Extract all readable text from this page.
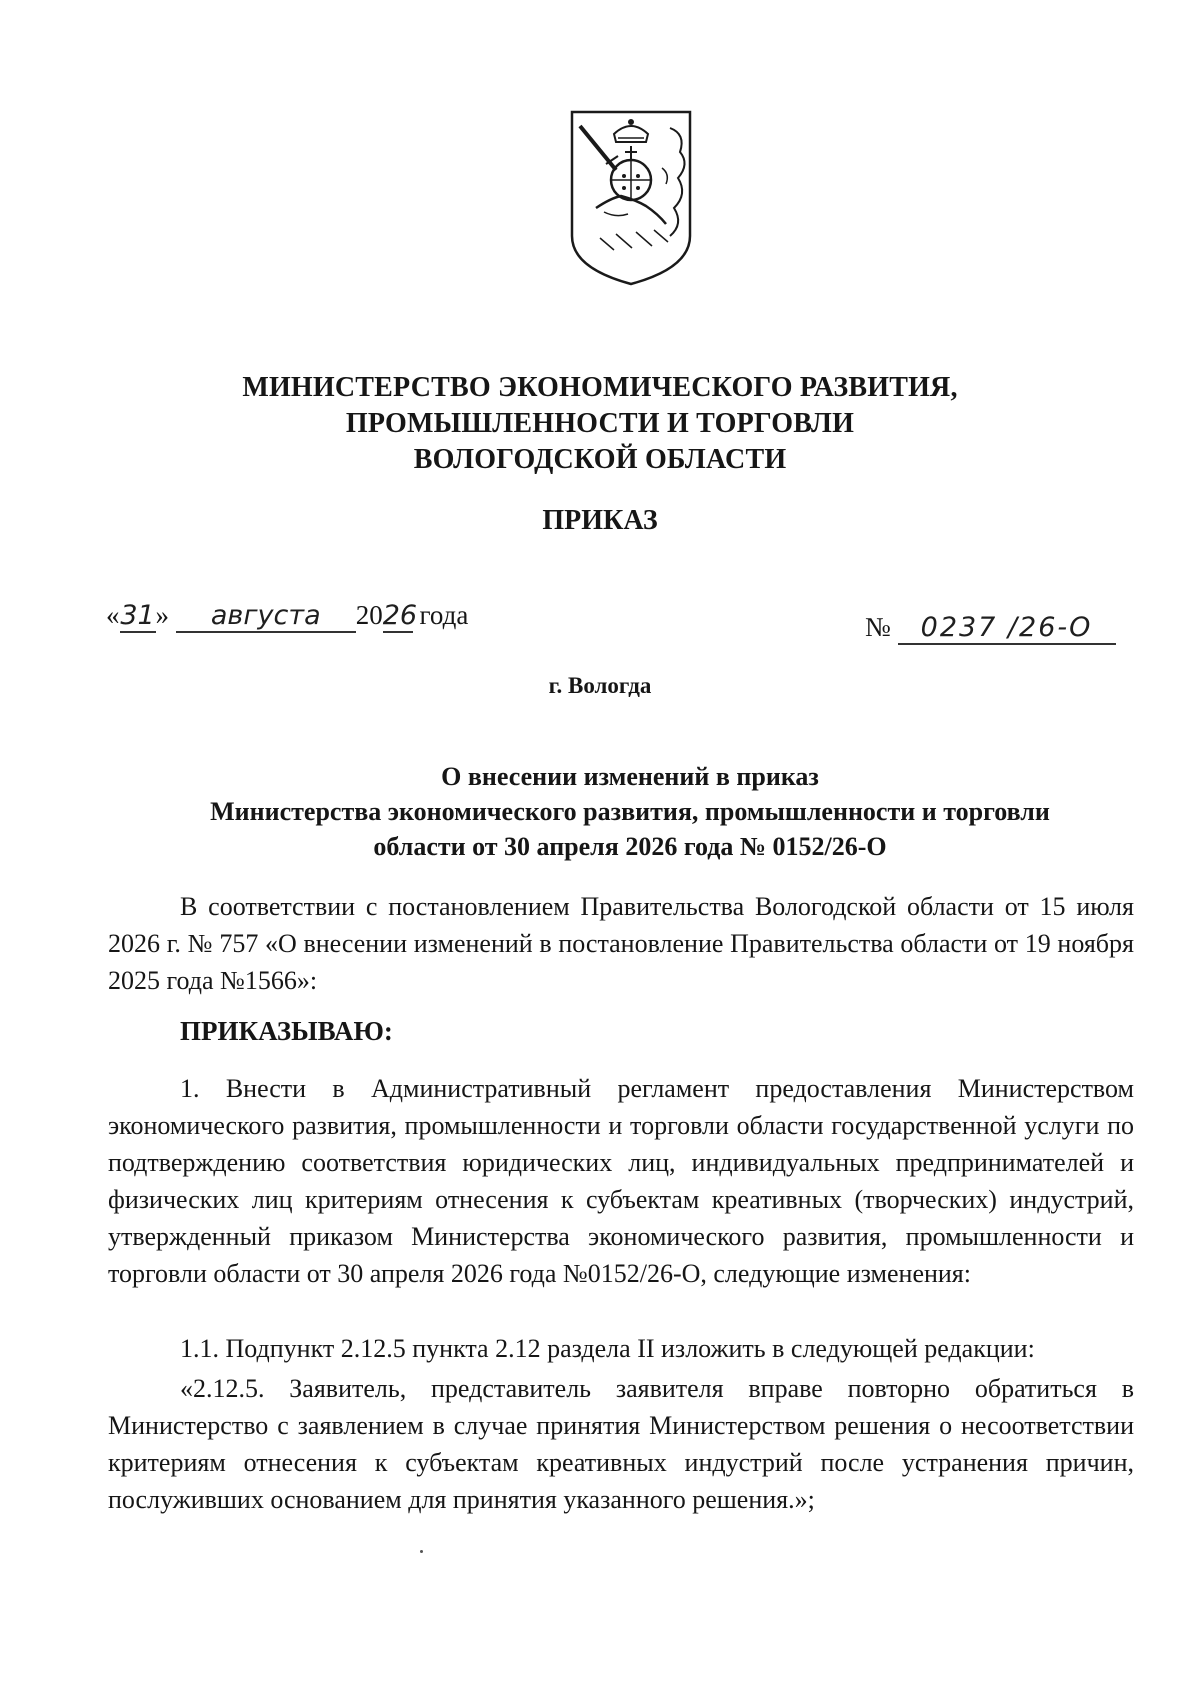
МИНИСТЕРСТВО ЭКОНОМИЧЕСКОГО РАЗВИТИЯ,
ПРОМЫШЛЕННОСТИ И ТОРГОВЛИ
ВОЛОГОДСКОЙ ОБЛАСТИ
ПРИКАЗ
«31» августа 2026 года	№ 0237 /26-О
г. Вологда
О внесении изменений в приказ
Министерства экономического развития, промышленности и торговли
области от 30 апреля 2026 года № 0152/26-О
В соответствии с постановлением Правительства Вологодской области от 15 июля 2026 г. № 757 «О внесении изменений в постановление Правительства области от 19 ноября 2025 года №1566»:
ПРИКАЗЫВАЮ:
1. Внести в Административный регламент предоставления Министерством экономического развития, промышленности и торговли области государственной услуги по подтверждению соответствия юридических лиц, индивидуальных предпринимателей и физических лиц критериям отнесения к субъектам креативных (творческих) индустрий, утвержденный приказом Министерства экономического развития, промышленности и торговли области от 30 апреля 2026 года №0152/26-О, следующие изменения:
1.1. Подпункт 2.12.5 пункта 2.12 раздела II изложить в следующей редакции:
«2.12.5. Заявитель, представитель заявителя вправе повторно обратиться в Министерство с заявлением в случае принятия Министерством решения о несоответствии критериям отнесения к субъектам креативных индустрий после устранения причин, послуживших основанием для принятия указанного решения.»;
